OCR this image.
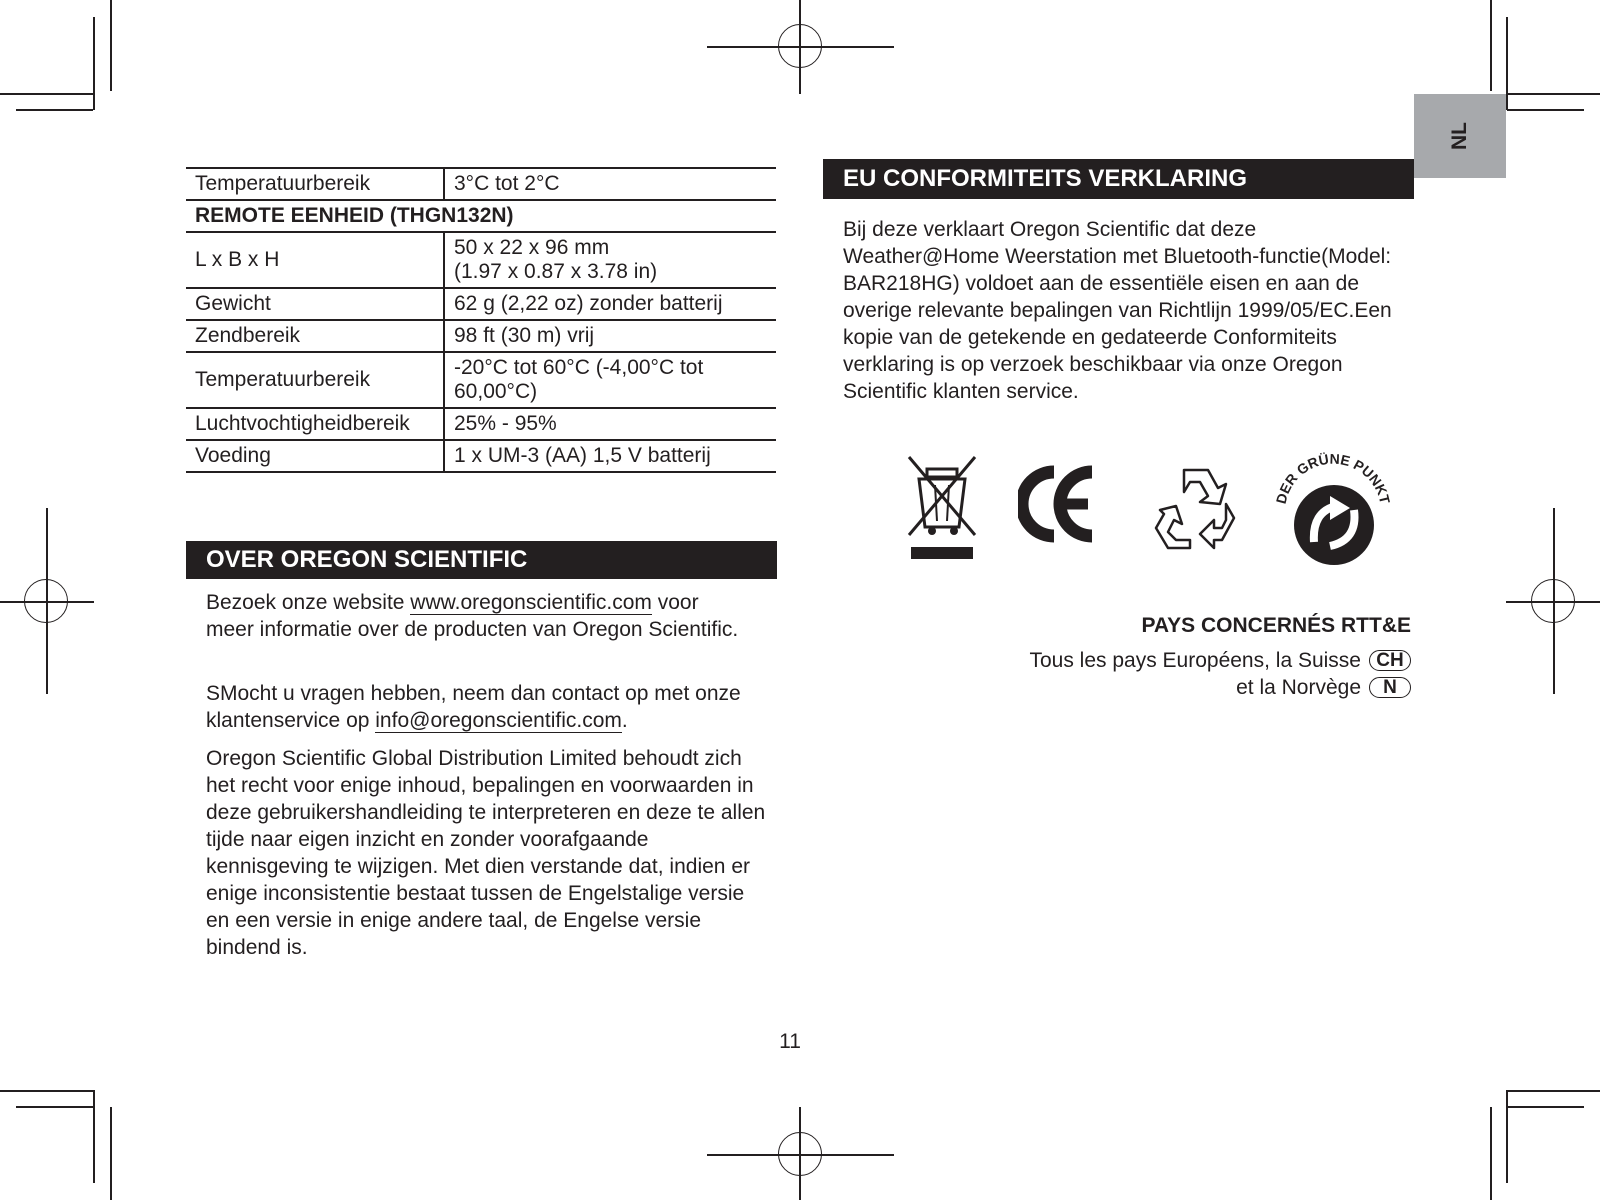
NL
Temperatuurbereik	3°C tot 2°C
REMOTE EENHEID (THGN132N)	
L x B x H	50 x 22 x 96 mm
(1.97 x 0.87 x 3.78 in)

Gewicht	62 g (2,22 oz) zonder batterij
Zendbereik	98 ft (30 m) vrij
Temperatuurbereik	-20°C tot 60°C (-4,00°C tot
60,00°C)

Luchtvochtigheidbereik	25% - 95%
Voeding	1 x UM-3 (AA) 1,5 V batterij
OVER OREGON SCIENTIFIC

Bezoek onze website www.oregonscientific.com voor meer informatie over de producten van Oregon Scientific.

SMocht u vragen hebben, neem dan contact op met onze klantenservice op info@oregonscientific.com.

Oregon Scientific Global Distribution Limited behoudt zich het recht voor enige inhoud, bepalingen en voorwaarden in deze gebruikershandleiding te interpreteren en deze te allen tijde naar eigen inzicht en zonder voorafgaande kennisgeving te wijzigen. Met dien verstande dat, indien er enige inconsistentie bestaat tussen de Engelstalige versie en een versie in enige andere taal, de Engelse versie bindend is.

EU CONFORMITEITS VERKLARING

Bij deze verklaart Oregon Scientific dat deze Weather@Home Weerstation met Bluetooth-functie(Model: BAR218HG) voldoet aan de essentiële eisen en aan de overige relevante bepalingen van Richtlijn 1999/05/EC.Een kopie van de getekende en gedateerde Conformiteits verklaring is op verzoek beschikbaar via onze Oregon Scientific klanten service.

DER GRÜNE PUNKT
PAYS CONCERNÉS RTT&E
Tous les pays Européens, la Suisse CH
et la Norvège	N
11
